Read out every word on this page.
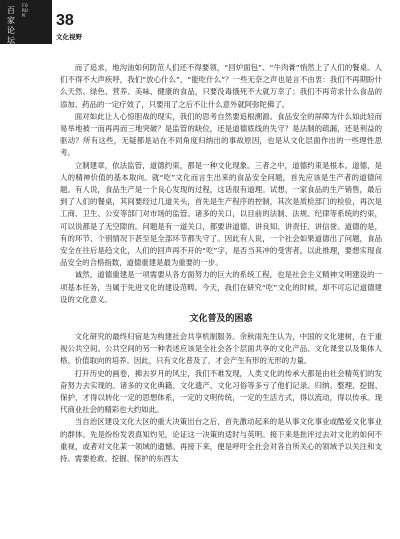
百家论坛
FORUM	38
文化视野

而了追求，地沟油如何防范人们还不得要领，“回炉面包”、“牛肉膏”悄然上了人们的餐桌。人们不得不大声疾呼，我们“放心什么”，“能吃什么”？一些无奈之声也是言不由衷：我们不再期盼什么天然、绿色、营养、美味、健康的食品，只要没毒饿死不大就万幸了；我们不再苛求什么食品的添加、药品的一定疗效了，只要用了之后不让什么意外就阿弥陀佛了。

面对如此让人心惊胆战的现实，我们的思考自然要追根溯源。食品安全的屏障为什么如此轻而易举地被一而再再而三地突破？是监管的缺位，还是道德底线的失守？是法制的疏漏，还是利益的驱动？所有这些，无疑都是站在不同角度归纳出的事故原因，也是从文化层面作出的一些理性思考。

立制建章，依法监管，道德约束，都是一种文化现象。三者之中，道德约束是根本。道德，是人的精神价值的基本取向。就“吃”文化而言生出来的食品安全问题，首先应该是生产者的道德问题。有人说，食品生产是一个良心发现的过程，这话很有道理。试想，一家食品的生产销售，最后到了人们的餐桌，其间要经过几道关头，首先是生产程序的控制，其次是质检部门的检验，再次是工商、卫生、公安等部门对市场的监管。诸多的关口，以目前的法制、法规、纪律等系统的约束，可以说都是了无空隙的。问题是有一道关口，都要讲道德、讲良知、讲责任、讲信誉。道德的是，有的环节、个别情况下甚至是全部环节都失守了。因此有人说，一个社会如果道德出了问题，食品安全在往后是趋文化，人们的回声再不开的“吃”字，是否当其冲的受害者。以此推理，要想实现食品安全的合格指数，道德重建是最为重要的一步。

诚然，道德重建是一项需要从各方面努力的巨大的系统工程，也是社会主义精神文明建设的一项基本任务，当属于先进文化的建设范畴。今天，我们在研究“吃”文化的时候，却不可忘记道德建设的文化意义。

文化普及的困惑

文化研究的最终归宿是为构建社会共享机制服务。余秋雨先生认为，中国的文化建树，在于重视公共空间。公共空间的另一种表述应该是全社会各个层面共享的文化产品、文化课堂以及集体人格、价值取向的培养。因此，只有文化普及了，才会产生有形的无形的力量。

打开历史的画卷，拂去岁月的风尘，我们不难发现，人类文化的传承大都是由社会精英们的发奋努力去实现的。诸多的文化典籍、文化遗产、文化习俗等多亏了他们记录、归纳、整理、挖掘、保护，才得以转化一定的思想体系，一定的文明传统，一定的生活方式，得以流动，得以传承。现代商业社会的精彩也大约如此。

当自治区建设文化大区的重大决策出台之后，首先激动起来的是从事文化事业或酷爱文化事业的群体。先是纷纷发表真知灼见，论证这一决策的适时与英明。接下来是批评过去对文化的如何不重视，或者对文化某一领域的遗憾。再接下来，便是呼吁全社会对各自所关心的领域予以关注和支持。需要抢救、挖掘、保护的东西太
